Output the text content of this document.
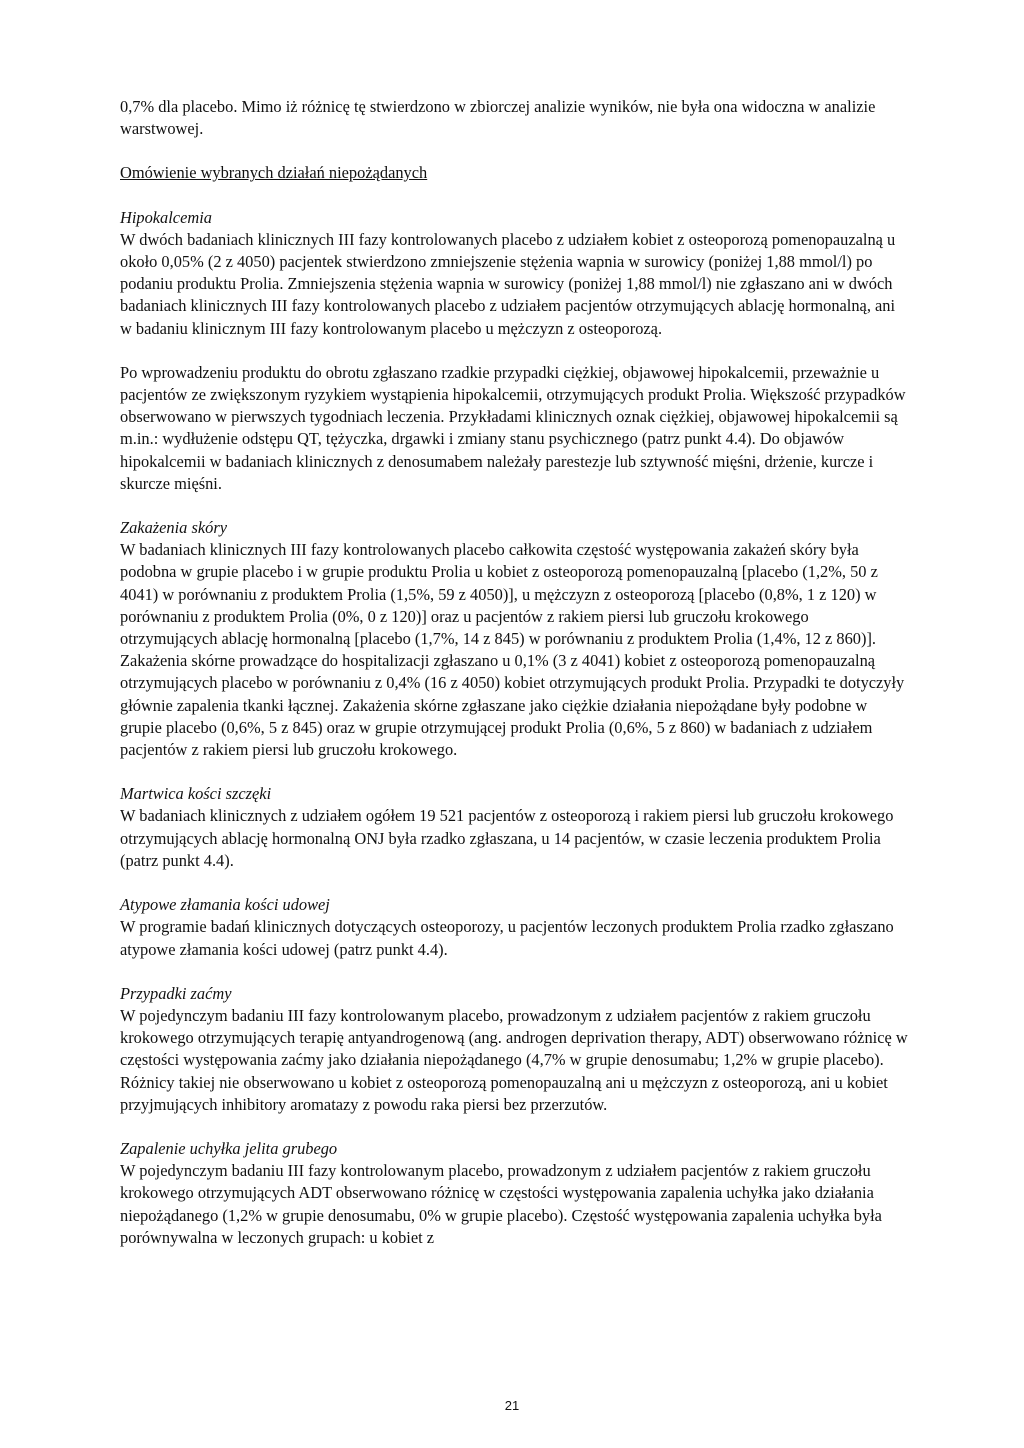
0,7% dla placebo. Mimo iż różnicę tę stwierdzono w zbiorczej analizie wyników, nie była ona widoczna w analizie warstwowej.

Omówienie wybranych działań niepożądanych

Hipokalcemia

W dwóch badaniach klinicznych III fazy kontrolowanych placebo z udziałem kobiet z osteoporozą pomenopauzalną u około 0,05% (2 z 4050) pacjentek stwierdzono zmniejszenie stężenia wapnia w surowicy (poniżej 1,88 mmol/l) po podaniu produktu Prolia. Zmniejszenia stężenia wapnia w surowicy (poniżej 1,88 mmol/l) nie zgłaszano ani w dwóch badaniach klinicznych III fazy kontrolowanych placebo z udziałem pacjentów otrzymujących ablację hormonalną, ani w badaniu klinicznym III fazy kontrolowanym placebo u mężczyzn z osteoporozą.

Po wprowadzeniu produktu do obrotu zgłaszano rzadkie przypadki ciężkiej, objawowej hipokalcemii, przeważnie u pacjentów ze zwiększonym ryzykiem wystąpienia hipokalcemii, otrzymujących produkt Prolia. Większość przypadków obserwowano w pierwszych tygodniach leczenia. Przykładami klinicznych oznak ciężkiej, objawowej hipokalcemii są m.in.: wydłużenie odstępu QT, tężyczka, drgawki i zmiany stanu psychicznego (patrz punkt 4.4). Do objawów hipokalcemii w badaniach klinicznych z denosumabem należały parestezje lub sztywność mięśni, drżenie, kurcze i skurcze mięśni.

Zakażenia skóry

W badaniach klinicznych III fazy kontrolowanych placebo całkowita częstość występowania zakażeń skóry była podobna w grupie placebo i w grupie produktu Prolia u kobiet z osteoporozą pomenopauzalną [placebo (1,2%, 50 z 4041) w porównaniu z produktem Prolia (1,5%, 59 z 4050)], u mężczyzn z osteoporozą [placebo (0,8%, 1 z 120) w porównaniu z produktem Prolia (0%, 0 z 120)] oraz u pacjentów z rakiem piersi lub gruczołu krokowego otrzymujących ablację hormonalną [placebo (1,7%, 14 z 845) w porównaniu z produktem Prolia (1,4%, 12 z 860)]. Zakażenia skórne prowadzące do hospitalizacji zgłaszano u 0,1% (3 z 4041) kobiet z osteoporozą pomenopauzalną otrzymujących placebo w porównaniu z 0,4% (16 z 4050) kobiet otrzymujących produkt Prolia. Przypadki te dotyczyły głównie zapalenia tkanki łącznej. Zakażenia skórne zgłaszane jako ciężkie działania niepożądane były podobne w grupie placebo (0,6%, 5 z 845) oraz w grupie otrzymującej produkt Prolia (0,6%, 5 z 860) w badaniach z udziałem pacjentów z rakiem piersi lub gruczołu krokowego.

Martwica kości szczęki

W badaniach klinicznych z udziałem ogółem 19 521 pacjentów z osteoporozą i rakiem piersi lub gruczołu krokowego otrzymujących ablację hormonalną ONJ była rzadko zgłaszana, u 14 pacjentów, w czasie leczenia produktem Prolia (patrz punkt 4.4).

Atypowe złamania kości udowej

W programie badań klinicznych dotyczących osteoporozy, u pacjentów leczonych produktem Prolia rzadko zgłaszano atypowe złamania kości udowej (patrz punkt 4.4).

Przypadki zaćmy

W pojedynczym badaniu III fazy kontrolowanym placebo, prowadzonym z udziałem pacjentów z rakiem gruczołu krokowego otrzymujących terapię antyandrogenową (ang. androgen deprivation therapy, ADT) obserwowano różnicę w częstości występowania zaćmy jako działania niepożądanego (4,7% w grupie denosumabu; 1,2% w grupie placebo). Różnicy takiej nie obserwowano u kobiet z osteoporozą pomenopauzalną ani u mężczyzn z osteoporozą, ani u kobiet przyjmujących inhibitory aromatazy z powodu raka piersi bez przerzutów.

Zapalenie uchyłka jelita grubego

W pojedynczym badaniu III fazy kontrolowanym placebo, prowadzonym z udziałem pacjentów z rakiem gruczołu krokowego otrzymujących ADT obserwowano różnicę w częstości występowania zapalenia uchyłka jako działania niepożądanego (1,2% w grupie denosumabu, 0% w grupie placebo). Częstość występowania zapalenia uchyłka była porównywalna w leczonych grupach: u kobiet z

21
